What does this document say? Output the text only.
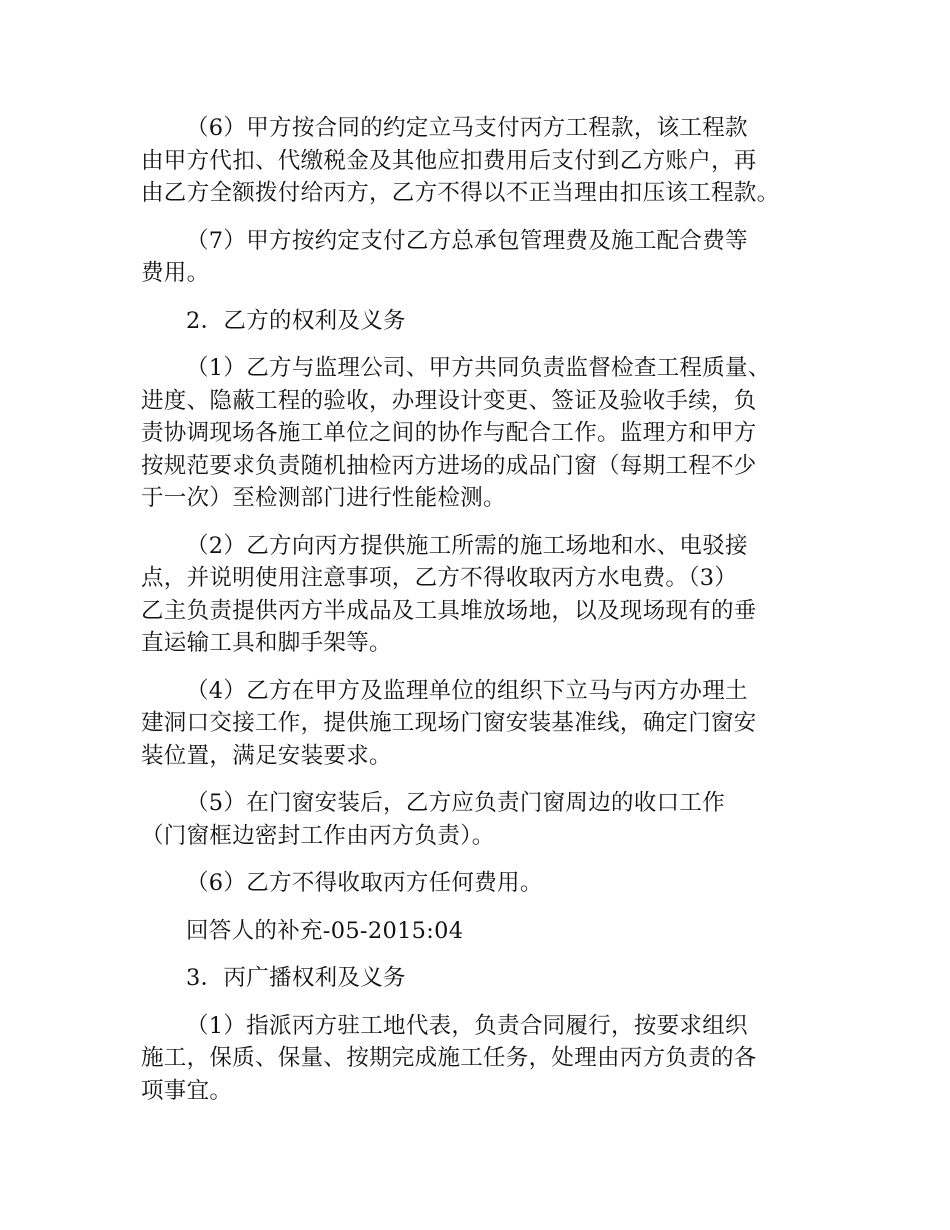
（6）甲方按合同的约定立马支付丙方工程款，该工程款
由甲方代扣、代缴税金及其他应扣费用后支付到乙方账户，再
由乙方全额拨付给丙方，乙方不得以不正当理由扣压该工程款。

（7）甲方按约定支付乙方总承包管理费及施工配合费等
费用。

2．乙方的权利及义务

（1）乙方与监理公司、甲方共同负责监督检查工程质量、
进度、隐蔽工程的验收，办理设计变更、签证及验收手续，负
责协调现场各施工单位之间的协作与配合工作。监理方和甲方
按规范要求负责随机抽检丙方进场的成品门窗（每期工程不少
于一次）至检测部门进行性能检测。

（2）乙方向丙方提供施工所需的施工场地和水、电驳接
点，并说明使用注意事项，乙方不得收取丙方水电费。（3）
乙主负责提供丙方半成品及工具堆放场地，以及现场现有的垂
直运输工具和脚手架等。

（4）乙方在甲方及监理单位的组织下立马与丙方办理土
建洞口交接工作，提供施工现场门窗安装基准线，确定门窗安
装位置，满足安装要求。

（5）在门窗安装后，乙方应负责门窗周边的收口工作
（门窗框边密封工作由丙方负责）。

（6）乙方不得收取丙方任何费用。

回答人的补充-05-2015:04

3．丙广播权利及义务

（1）指派丙方驻工地代表，负责合同履行，按要求组织
施工，保质、保量、按期完成施工任务，处理由丙方负责的各
项事宜。
